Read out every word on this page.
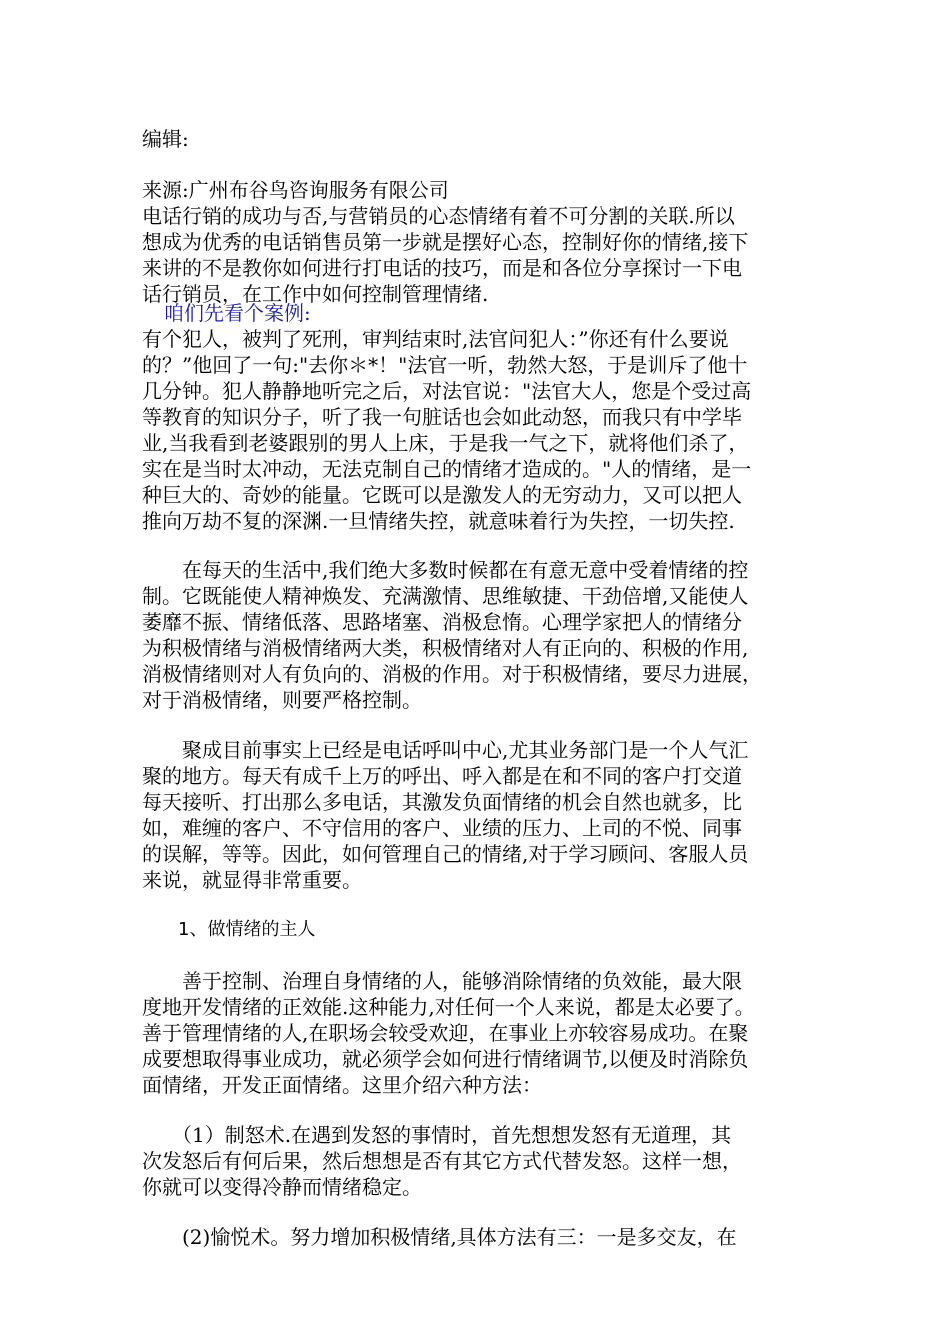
编辑:
来源:广州布谷鸟咨询服务有限公司
电话行销的成功与否,与营销员的心态情绪有着不可分割的关联.所以
想成为优秀的电话销售员第一步就是摆好心态，控制好你的情绪,接下
来讲的不是教你如何进行打电话的技巧，而是和各位分享探讨一下电
话行销员，在工作中如何控制管理情绪.
咱们先看个案例:
有个犯人，被判了死刑，审判结束时,法官问犯人：”你还有什么要说
的？”他回了一句:"去你＊*！"法官一听，勃然大怒，于是训斥了他十
几分钟。犯人静静地听完之后，对法官说："法官大人，您是个受过高
等教育的知识分子，听了我一句脏话也会如此动怒，而我只有中学毕
业,当我看到老婆跟别的男人上床，于是我一气之下，就将他们杀了，
实在是当时太冲动，无法克制自己的情绪才造成的。"人的情绪，是一
种巨大的、奇妙的能量。它既可以是激发人的无穷动力，又可以把人
推向万劫不复的深渊.一旦情绪失控，就意味着行为失控，一切失控.
　　在每天的生活中,我们绝大多数时候都在有意无意中受着情绪的控
制。它既能使人精神焕发、充满激情、思维敏捷、干劲倍增,又能使人
萎靡不振、情绪低落、思路堵塞、消极怠惰。心理学家把人的情绪分
为积极情绪与消极情绪两大类，积极情绪对人有正向的、积极的作用,
消极情绪则对人有负向的、消极的作用。对于积极情绪，要尽力进展，
对于消极情绪，则要严格控制。
　　聚成目前事实上已经是电话呼叫中心,尤其业务部门是一个人气汇
聚的地方。每天有成千上万的呼出、呼入都是在和不同的客户打交道
每天接听、打出那么多电话，其激发负面情绪的机会自然也就多，比
如，难缠的客户、不守信用的客户、业绩的压力、上司的不悦、同事
的误解，等等。因此，如何管理自己的情绪,对于学习顾问、客服人员
来说，就显得非常重要。
　　1、做情绪的主人
　　善于控制、治理自身情绪的人，能够消除情绪的负效能，最大限
度地开发情绪的正效能.这种能力,对任何一个人来说，都是太必要了。
善于管理情绪的人,在职场会较受欢迎，在事业上亦较容易成功。在聚
成要想取得事业成功，就必须学会如何进行情绪调节,以便及时消除负
面情绪，开发正面情绪。这里介绍六种方法：
　　（1）制怒术.在遇到发怒的事情时，首先想想发怒有无道理，其
次发怒后有何后果，然后想想是否有其它方式代替发怒。这样一想，
你就可以变得冷静而情绪稳定。
　　(2)愉悦术。努力增加积极情绪,具体方法有三：一是多交友，在
